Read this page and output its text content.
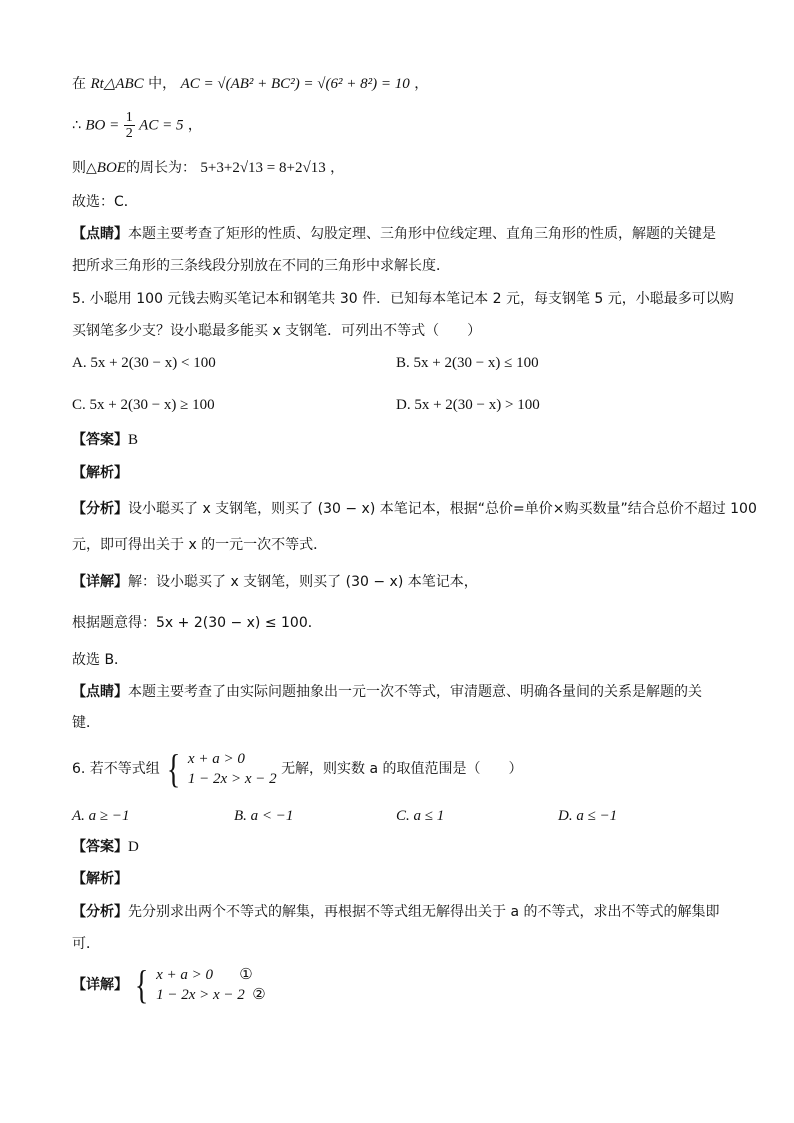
在 Rt△ABC 中， AC = √(AB² + BC²) = √(6² + 8²) = 10 ，
∴ BO = $\frac{1}{2}$ AC = 5 ，
则△BOE的周长为： 5+3+2√13 = 8+2√13 ，
故选：C．
【点睛】本题主要考查了矩形的性质、勾股定理、三角形中位线定理、直角三角形的性质，解题的关键是
把所求三角形的三条线段分别放在不同的三角形中求解长度．
5. 小聪用 100 元钱去购买笔记本和钢笔共 30 件．已知每本笔记本 2 元，每支钢笔 5 元，小聪最多可以购
买钢笔多少支？设小聪最多能买 x 支钢笔．可列出不等式（　　）
A. 5x + 2(30 − x) < 100	B. 5x + 2(30 − x) ≤ 100
C. 5x + 2(30 − x) ≥ 100	D. 5x + 2(30 − x) > 100
【答案】B
【解析】
【分析】设小聪买了 x 支钢笔，则买了 (30 − x) 本笔记本，根据“总价=单价×购买数量”结合总价不超过 100
元，即可得出关于 x 的一元一次不等式．
【详解】解：设小聪买了 x 支钢笔，则买了 (30 − x) 本笔记本，
根据题意得：5x + 2(30 − x) ≤ 100．
故选 B．
【点睛】本题主要考查了由实际问题抽象出一元一次不等式，审清题意、明确各量间的关系是解题的关
键．
6. 若不等式组 { x + a > 0
1 − 2x > x − 2
无解，则实数 a 的取值范围是（　　）
A. a ≥ −1	B. a < −1	C. a ≤ 1	D. a ≤ −1
【答案】D
【解析】
【分析】先分别求出两个不等式的解集，再根据不等式组无解得出关于 a 的不等式，求出不等式的解集即
可．
【详解】 { x + a > 0 ①
1 − 2x > x − 2 ②
